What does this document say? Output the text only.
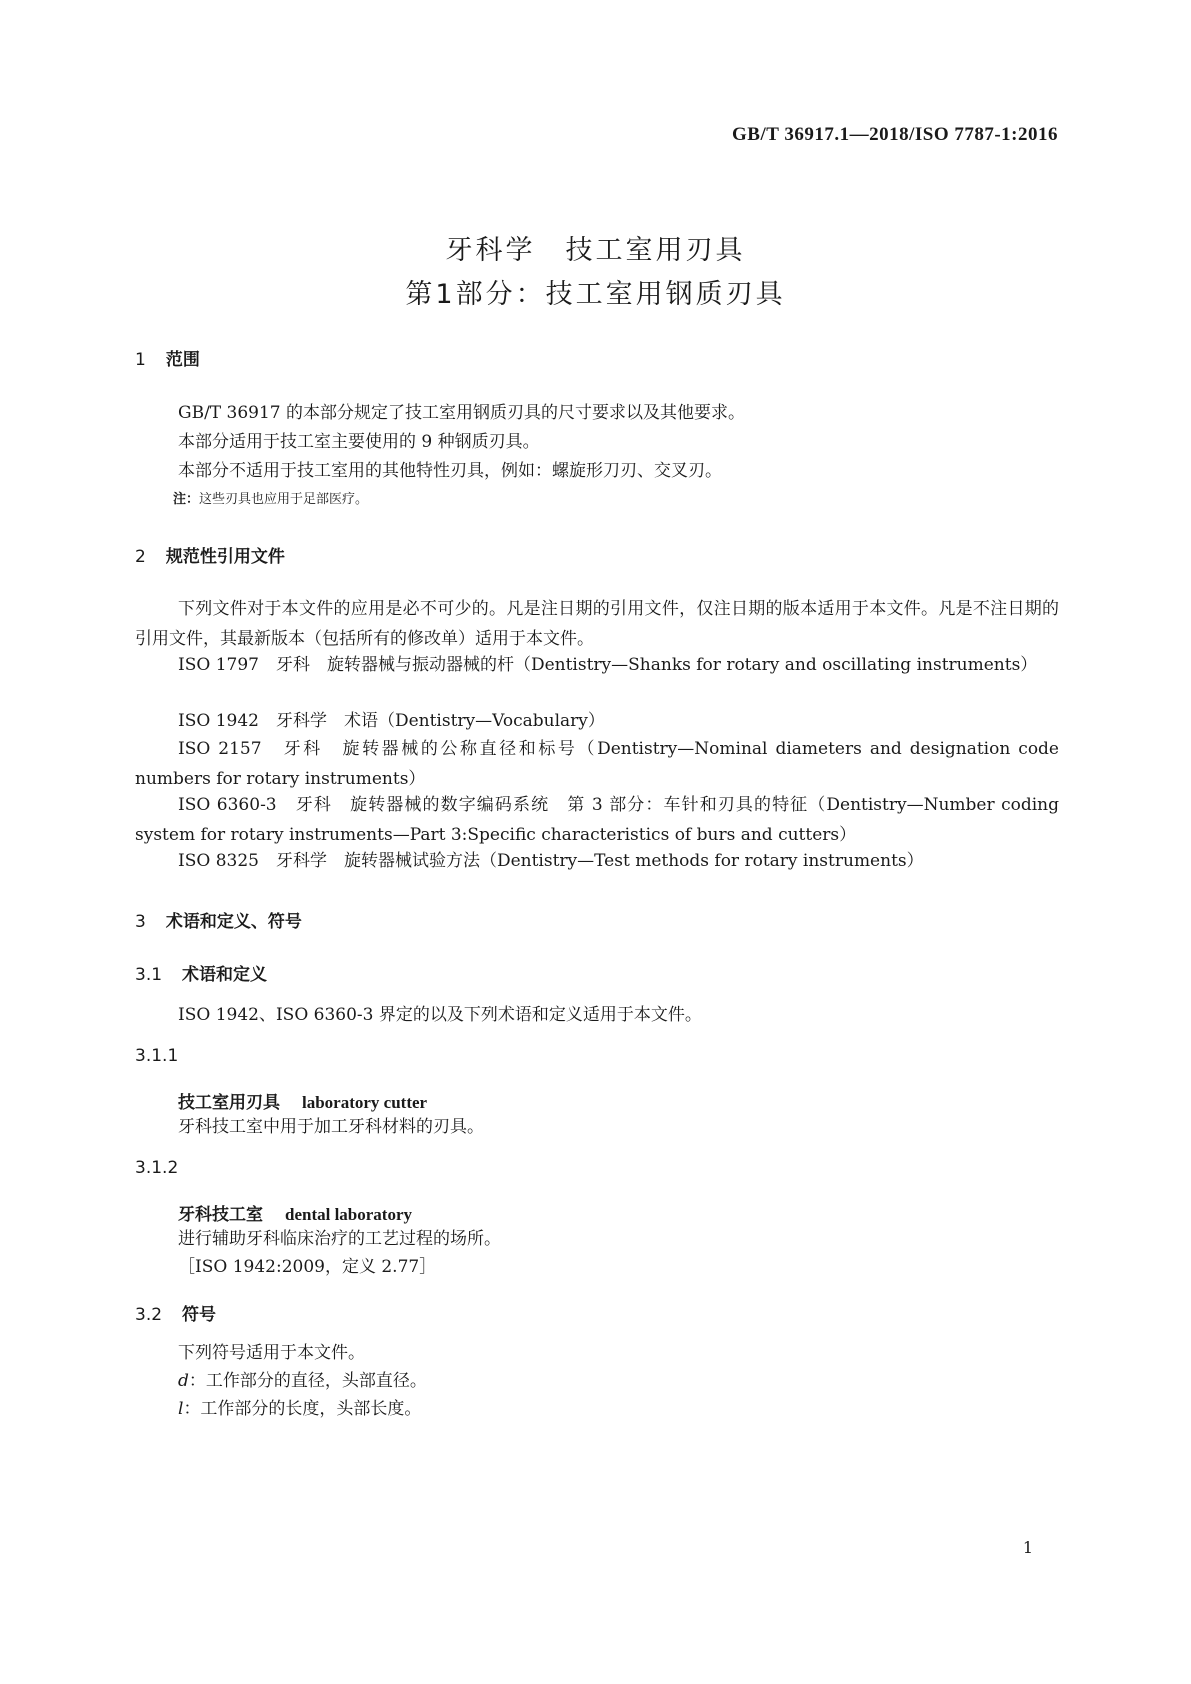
GB/T 36917.1—2018/ISO 7787-1:2016
牙科学　技工室用刃具
第1部分：技工室用钢质刃具
1 范围
GB/T 36917 的本部分规定了技工室用钢质刃具的尺寸要求以及其他要求。
本部分适用于技工室主要使用的 9 种钢质刃具。
本部分不适用于技工室用的其他特性刃具，例如：螺旋形刀刃、交叉刃。
注：这些刃具也应用于足部医疗。
2 规范性引用文件
下列文件对于本文件的应用是必不可少的。凡是注日期的引用文件，仅注日期的版本适用于本文件。凡是不注日期的引用文件，其最新版本（包括所有的修改单）适用于本文件。
ISO 1797　牙科　旋转器械与振动器械的杆（Dentistry—Shanks for rotary and oscillating instruments）
ISO 1942　牙科学　术语（Dentistry—Vocabulary）
ISO 2157　牙科　旋转器械的公称直径和标号（Dentistry—Nominal diameters and designation code numbers for rotary instruments）
ISO 6360-3　牙科　旋转器械的数字编码系统　第 3 部分：车针和刃具的特征（Dentistry—Number coding system for rotary instruments—Part 3:Specific characteristics of burs and cutters）
ISO 8325　牙科学　旋转器械试验方法（Dentistry—Test methods for rotary instruments）
3 术语和定义、符号
3.1 术语和定义
ISO 1942、ISO 6360-3 界定的以及下列术语和定义适用于本文件。
3.1.1
技工室用刃具 laboratory cutter
牙科技工室中用于加工牙科材料的刃具。
3.1.2
牙科技工室 dental laboratory
进行辅助牙科临床治疗的工艺过程的场所。
［ISO 1942:2009，定义 2.77］
3.2 符号
下列符号适用于本文件。
d：工作部分的直径，头部直径。
l：工作部分的长度，头部长度。
1
